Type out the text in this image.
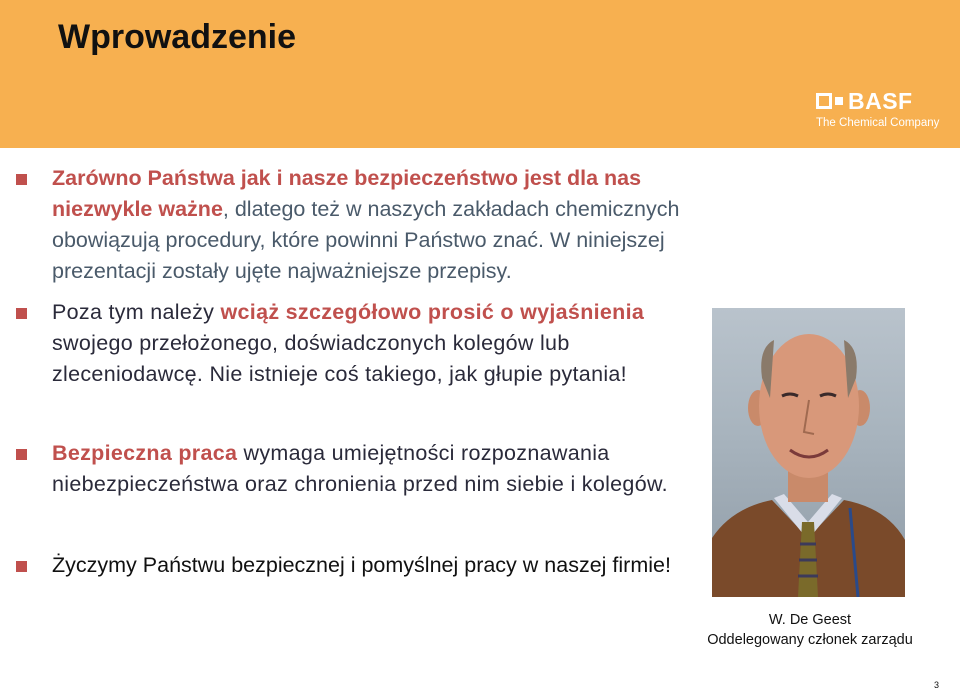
Wprowadzenie
BASF
The Chemical Company
Zarówno Państwa jak i nasze bezpieczeństwo jest dla nas niezwykle ważne, dlatego też w naszych zakładach chemicznych obowiązują procedury, które powinni Państwo znać. W niniejszej prezentacji zostały ujęte najważniejsze przepisy.
Poza tym należy wciąż szczegółowo prosić o wyjaśnienia swojego przełożonego, doświadczonych kolegów lub zleceniodawcę. Nie istnieje coś takiego, jak głupie pytania!
Bezpieczna praca wymaga umiejętności rozpoznawania niebezpieczeństwa oraz chronienia przed nim siebie i kolegów.
Życzymy Państwu bezpiecznej i pomyślnej pracy w naszej firmie!
W. De Geest
Oddelegowany członek zarządu
3
